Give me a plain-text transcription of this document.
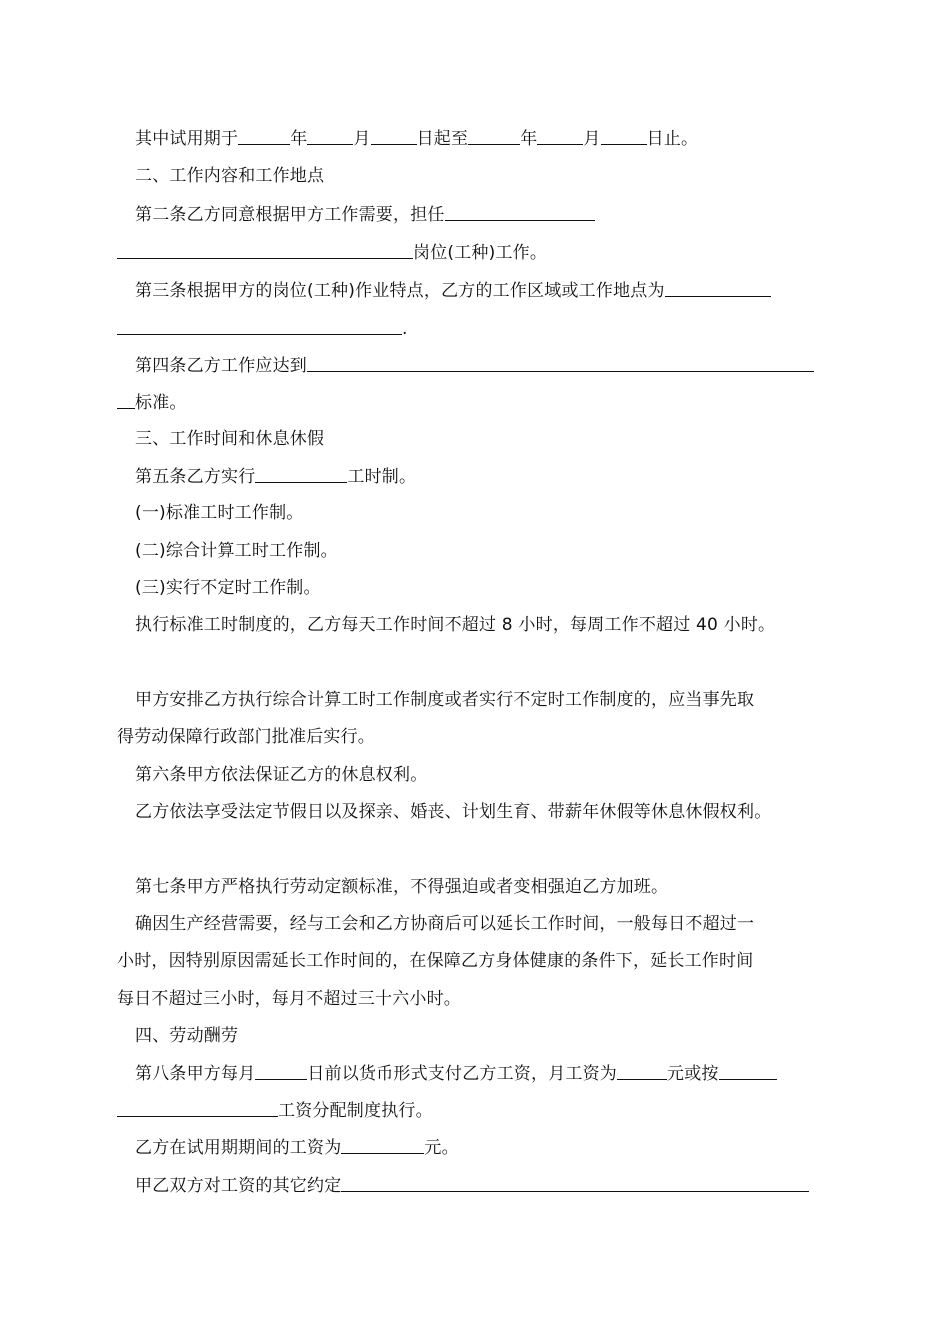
其中试用期于	年	月	日起至	年	月	日止。

二、工作内容和工作地点

第二条乙方同意根据甲方工作需要，担任

岗位(工种)工作。

第三条根据甲方的岗位(工种)作业特点，乙方的工作区域或工作地点为

.

第四条乙方工作应达到

标准。

三、工作时间和休息休假

第五条乙方实行	工时制。

(一)标准工时工作制。

(二)综合计算工时工作制。

(三)实行不定时工作制。

执行标准工时制度的，乙方每天工作时间不超过 8 小时，每周工作不超过 40 小时。

甲方安排乙方执行综合计算工时工作制度或者实行不定时工作制度的，应当事先取

得劳动保障行政部门批准后实行。

第六条甲方依法保证乙方的休息权利。

乙方依法享受法定节假日以及探亲、婚丧、计划生育、带薪年休假等休息休假权利。

第七条甲方严格执行劳动定额标准，不得强迫或者变相强迫乙方加班。

确因生产经营需要，经与工会和乙方协商后可以延长工作时间，一般每日不超过一

小时，因特别原因需延长工作时间的，在保障乙方身体健康的条件下，延长工作时间

每日不超过三小时，每月不超过三十六小时。

四、劳动酬劳

第八条甲方每月	日前以货币形式支付乙方工资，月工资为	元或按

工资分配制度执行。

乙方在试用期期间的工资为	元。

甲乙双方对工资的其它约定
